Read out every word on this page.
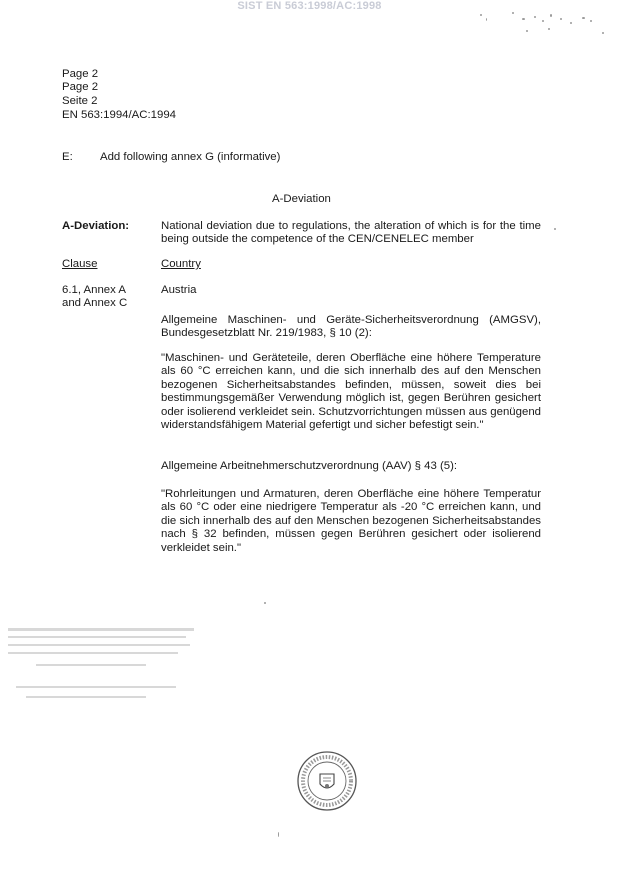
SIST EN 563:1998/AC:1998
Page 2
Page 2
Seite 2
EN 563:1994/AC:1994
E: Add following annex G (informative)
A-Deviation
A-Deviation:	National deviation due to regulations, the alteration of which is for the time being outside the competence of the CEN/CENELEC member
Clause	Country
6.1, Annex A
and Annex C
Austria
Allgemeine Maschinen- und Geräte-Sicherheitsverordnung (AMGSV), Bundesgesetzblatt Nr. 219/1983, § 10 (2):
"Maschinen- und Geräteteile, deren Oberfläche eine höhere Temperature als 60 °C erreichen kann, und die sich innerhalb des auf den Menschen bezogenen Sicherheitsabstandes befinden, müssen, soweit dies bei bestimmungsgemäßer Verwendung möglich ist, gegen Berühren gesichert oder isolierend verkleidet sein. Schutzvorrichtungen müssen aus genügend widerstandsfähigem Material gefertigt und sicher befestigt sein."
Allgemeine Arbeitnehmerschutzverordnung (AAV) § 43 (5):
"Rohrleitungen und Armaturen, deren Oberfläche eine höhere Temperatur als 60 °C oder eine niedrigere Temperatur als -20 °C erreichen kann, und die sich innerhalb des auf den Menschen bezogenen Sicherheitsabstandes nach § 32 befinden, müssen gegen Berühren gesichert oder isolierend verkleidet sein."
